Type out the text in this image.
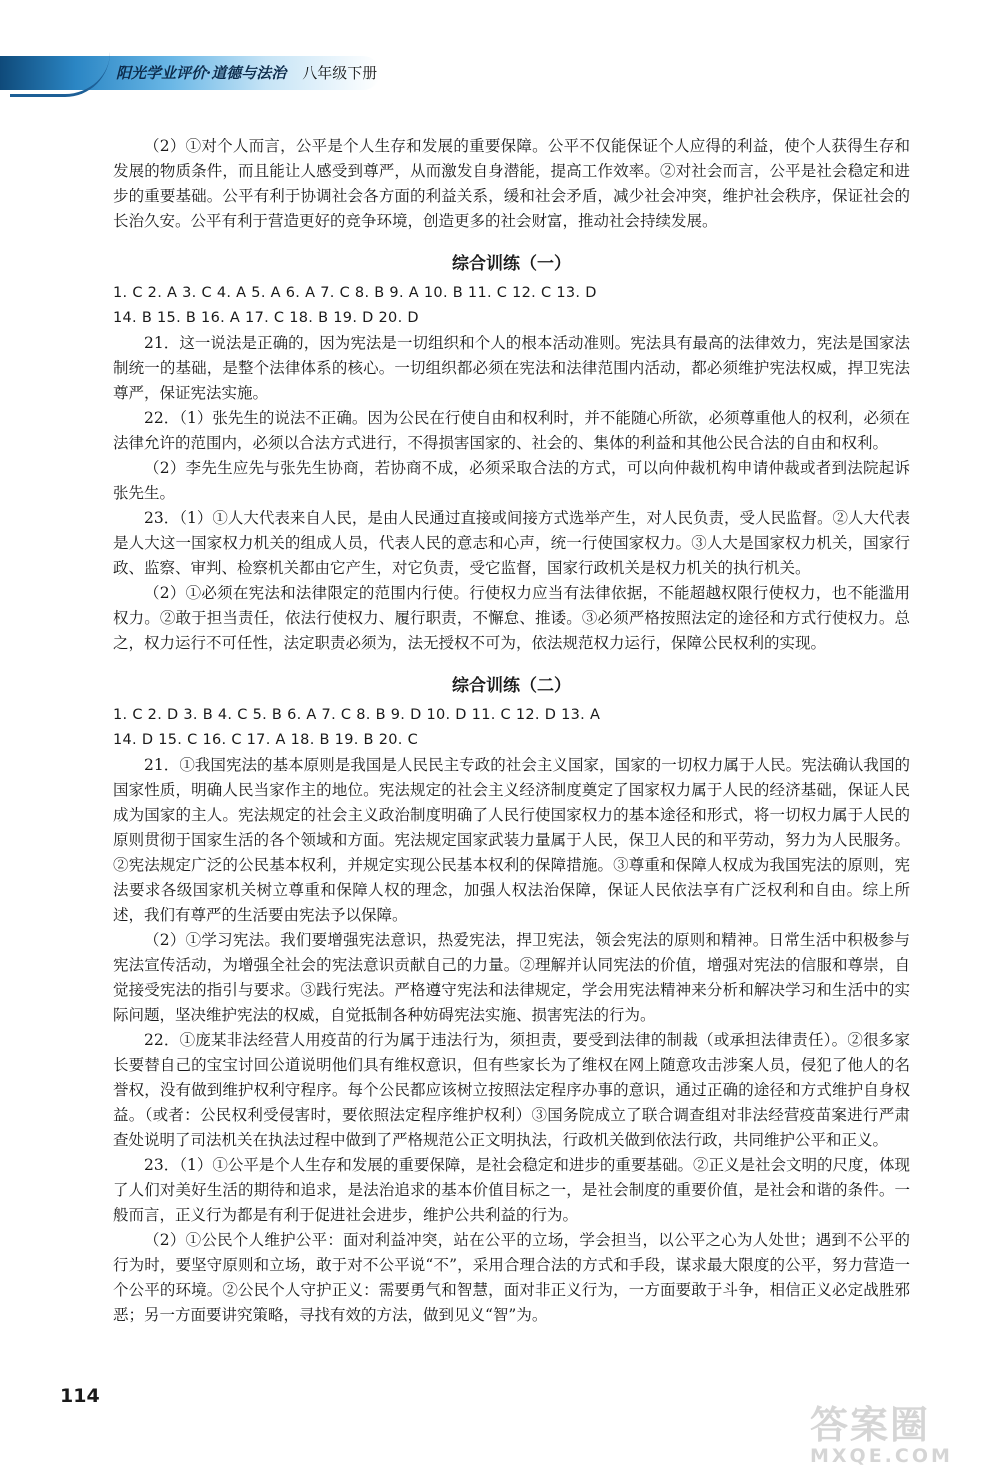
阳光学业评价·道德与法治 八年级下册

（2）①对个人而言，公平是个人生存和发展的重要保障。公平不仅能保证个人应得的利益，使个人获得生存和发展的物质条件，而且能让人感受到尊严，从而激发自身潜能，提高工作效率。②对社会而言，公平是社会稳定和进步的重要基础。公平有利于协调社会各方面的利益关系，缓和社会矛盾，减少社会冲突，维护社会秩序，保证社会的长治久安。公平有利于营造更好的竞争环境，创造更多的社会财富，推动社会持续发展。

综合训练（一）

1. C 2. A 3. C 4. A 5. A 6. A 7. C 8. B 9. A 10. B 11. C 12. C 13. D

14. B 15. B 16. A 17. C 18. B 19. D 20. D

21．这一说法是正确的，因为宪法是一切组织和个人的根本活动准则。宪法具有最高的法律效力，宪法是国家法制统一的基础，是整个法律体系的核心。一切组织都必须在宪法和法律范围内活动，都必须维护宪法权威，捍卫宪法尊严，保证宪法实施。

22．（1）张先生的说法不正确。因为公民在行使自由和权利时，并不能随心所欲，必须尊重他人的权利，必须在法律允许的范围内，必须以合法方式进行，不得损害国家的、社会的、集体的利益和其他公民合法的自由和权利。

（2）李先生应先与张先生协商，若协商不成，必须采取合法的方式，可以向仲裁机构申请仲裁或者到法院起诉张先生。

23．（1）①人大代表来自人民，是由人民通过直接或间接方式选举产生，对人民负责，受人民监督。②人大代表是人大这一国家权力机关的组成人员，代表人民的意志和心声，统一行使国家权力。③人大是国家权力机关，国家行政、监察、审判、检察机关都由它产生，对它负责，受它监督，国家行政机关是权力机关的执行机关。

（2）①必须在宪法和法律限定的范围内行使。行使权力应当有法律依据，不能超越权限行使权力，也不能滥用权力。②敢于担当责任，依法行使权力、履行职责，不懈怠、推诿。③必须严格按照法定的途径和方式行使权力。总之，权力运行不可任性，法定职责必须为，法无授权不可为，依法规范权力运行，保障公民权利的实现。

综合训练（二）

1. C 2. D 3. B 4. C 5. B 6. A 7. C 8. B 9. D 10. D 11. C 12. D 13. A

14. D 15. C 16. C 17. A 18. B 19. B 20. C

21．①我国宪法的基本原则是我国是人民民主专政的社会主义国家，国家的一切权力属于人民。宪法确认我国的国家性质，明确人民当家作主的地位。宪法规定的社会主义经济制度奠定了国家权力属于人民的经济基础，保证人民成为国家的主人。宪法规定的社会主义政治制度明确了人民行使国家权力的基本途径和形式，将一切权力属于人民的原则贯彻于国家生活的各个领域和方面。宪法规定国家武装力量属于人民，保卫人民的和平劳动，努力为人民服务。②宪法规定广泛的公民基本权利，并规定实现公民基本权利的保障措施。③尊重和保障人权成为我国宪法的原则，宪法要求各级国家机关树立尊重和保障人权的理念，加强人权法治保障，保证人民依法享有广泛权利和自由。综上所述，我们有尊严的生活要由宪法予以保障。

（2）①学习宪法。我们要增强宪法意识，热爱宪法，捍卫宪法，领会宪法的原则和精神。日常生活中积极参与宪法宣传活动，为增强全社会的宪法意识贡献自己的力量。②理解并认同宪法的价值，增强对宪法的信服和尊崇，自觉接受宪法的指引与要求。③践行宪法。严格遵守宪法和法律规定，学会用宪法精神来分析和解决学习和生活中的实际问题，坚决维护宪法的权威，自觉抵制各种妨碍宪法实施、损害宪法的行为。

22．①庞某非法经营人用疫苗的行为属于违法行为，须担责，要受到法律的制裁（或承担法律责任）。②很多家长要替自己的宝宝讨回公道说明他们具有维权意识，但有些家长为了维权在网上随意攻击涉案人员，侵犯了他人的名誉权，没有做到维护权利守程序。每个公民都应该树立按照法定程序办事的意识，通过正确的途径和方式维护自身权益。（或者：公民权利受侵害时，要依照法定程序维护权利）③国务院成立了联合调查组对非法经营疫苗案进行严肃查处说明了司法机关在执法过程中做到了严格规范公正文明执法，行政机关做到依法行政，共同维护公平和正义。

23．（1）①公平是个人生存和发展的重要保障，是社会稳定和进步的重要基础。②正义是社会文明的尺度，体现了人们对美好生活的期待和追求，是法治追求的基本价值目标之一，是社会制度的重要价值，是社会和谐的条件。一般而言，正义行为都是有利于促进社会进步，维护公共利益的行为。

（2）①公民个人维护公平：面对利益冲突，站在公平的立场，学会担当，以公平之心为人处世；遇到不公平的行为时，要坚守原则和立场，敢于对不公平说“不”，采用合理合法的方式和手段，谋求最大限度的公平，努力营造一个公平的环境。②公民个人守护正义：需要勇气和智慧，面对非正义行为，一方面要敢于斗争，相信正义必定战胜邪恶；另一方面要讲究策略，寻找有效的方法，做到见义“智”为。

114
答案圈
MXQE.COM
